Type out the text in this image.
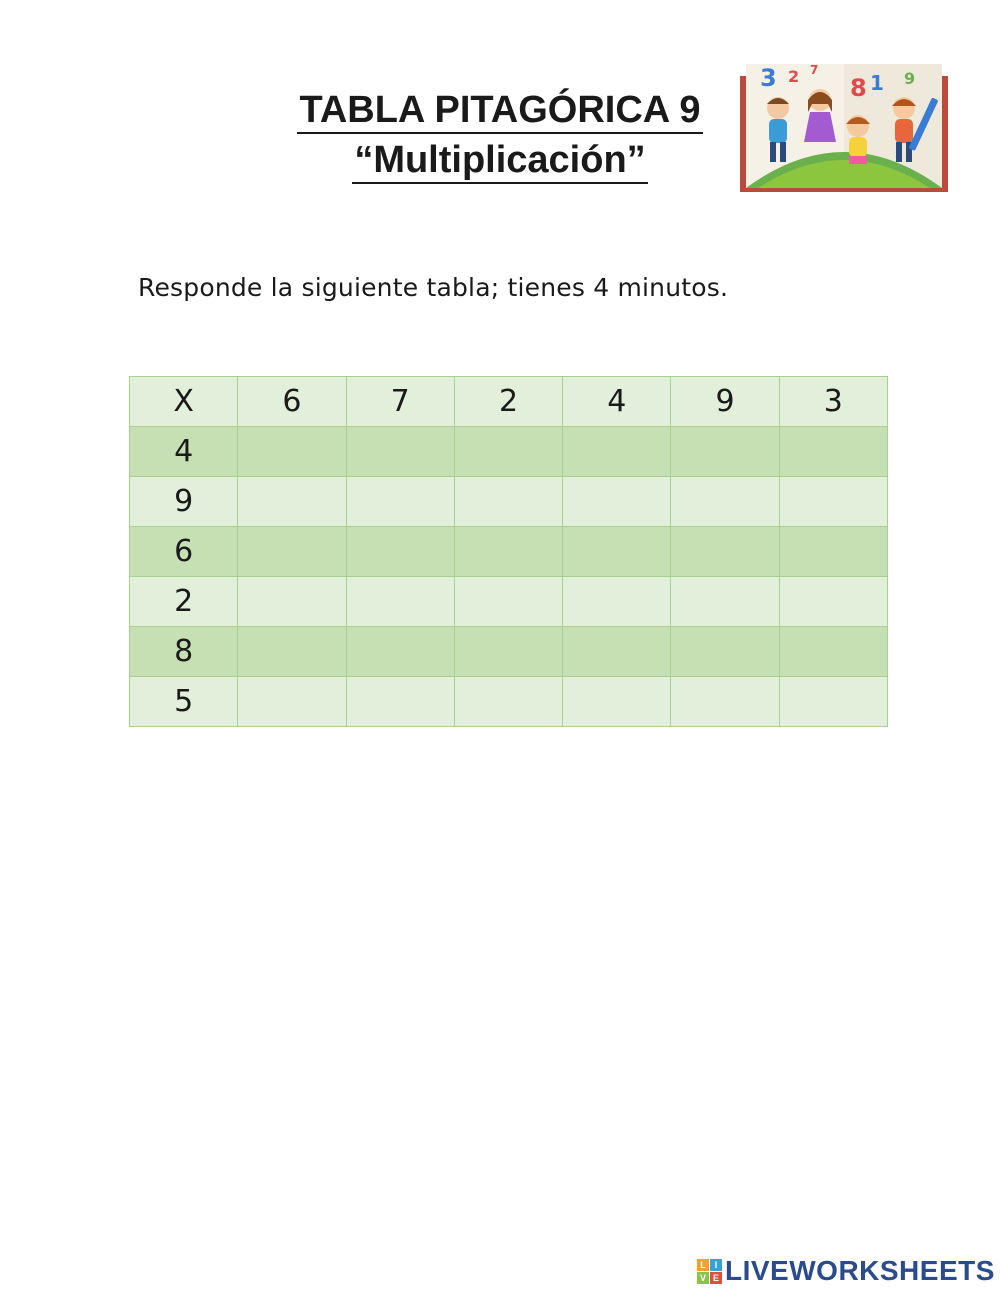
TABLA PITAGÓRICA 9
“Multiplicación”
3 2 7
8 1 9
Responde la siguiente tabla; tienes 4 minutos.
X	6	7	2	4	9	3
4						
9						
6						
2						
8						
5						
L I
V E LIVEWORKSHEETS
